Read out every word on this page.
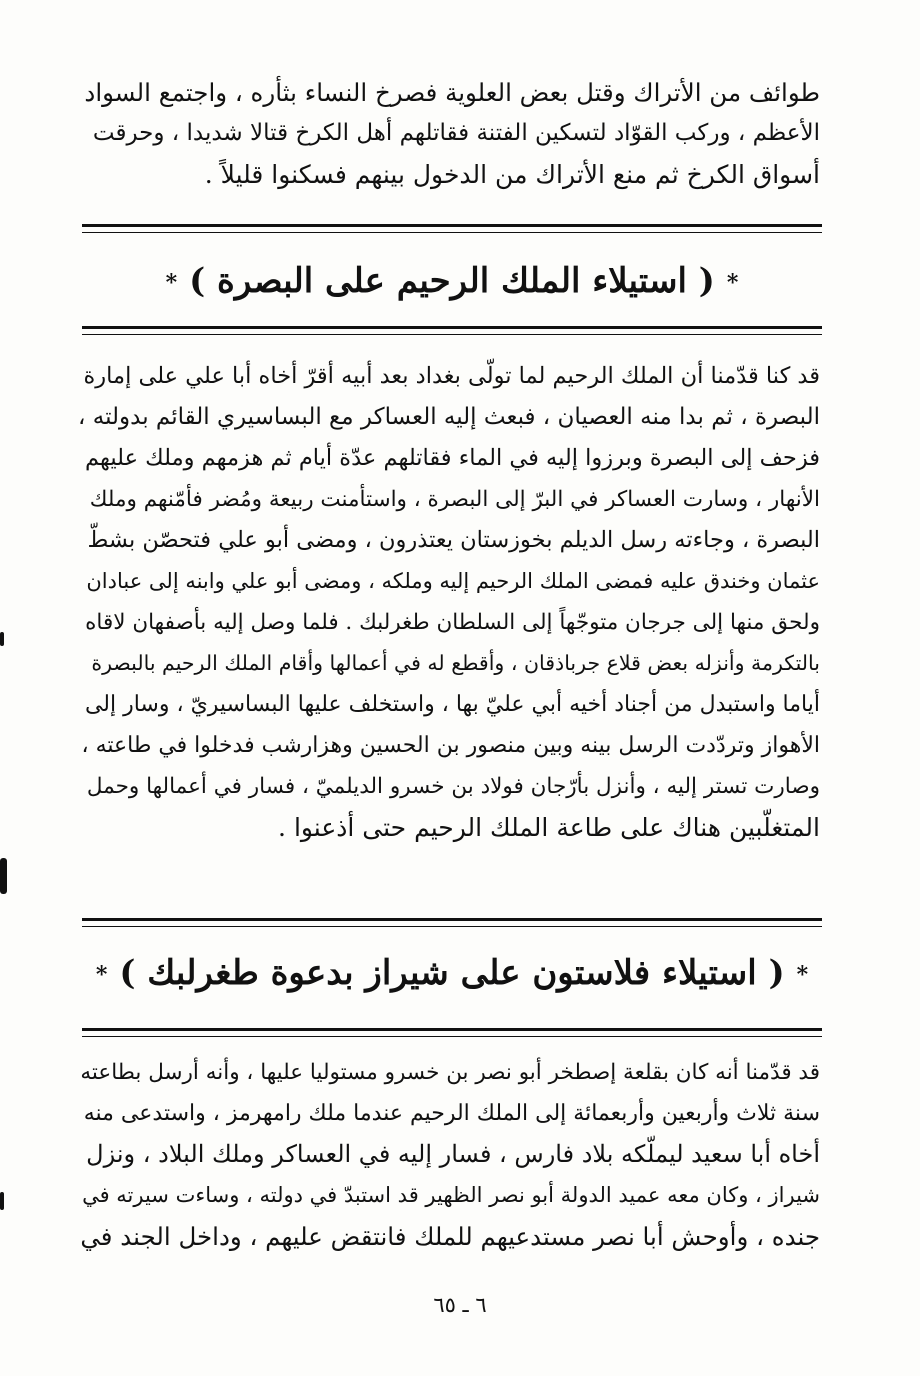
طوائف من الأتراك وقتل بعض العلوية فصرخ النساء بثأره ، واجتمع السواد
الأعظم ، وركب القوّاد لتسكين الفتنة فقاتلهم أهل الكرخ قتالا شديدا ، وحرقت
أسواق الكرخ ثم منع الأتراك من الدخول بينهم فسكنوا قليلاً .
*( استيلاء الملك الرحيم على البصرة )*
قد كنا قدّمنا أن الملك الرحيم لما تولّى بغداد بعد أبيه أقرّ أخاه أبا علي على إمارة
البصرة ، ثم بدا منه العصيان ، فبعث إليه العساكر مع البساسيري القائم بدولته ،
فزحف إلى البصرة وبرزوا إليه في الماء فقاتلهم عدّة أيام ثم هزمهم وملك عليهم
الأنهار ، وسارت العساكر في البرّ إلى البصرة ، واستأمنت ربيعة ومُضر فأمّنهم وملك
البصرة ، وجاءته رسل الديلم بخوزستان يعتذرون ، ومضى أبو علي فتحصّن بشطّ
عثمان وخندق عليه فمضى الملك الرحيم إليه وملكه ، ومضى أبو علي وابنه إلى عبادان
ولحق منها إلى جرجان متوجّهاً إلى السلطان طغرلبك . فلما وصل إليه بأصفهان لاقاه
بالتكرمة وأنزله بعض قلاع جرباذقان ، وأقطع له في أعمالها وأقام الملك الرحيم بالبصرة
أياما واستبدل من أجناد أخيه أبي عليّ بها ، واستخلف عليها البساسيريّ ، وسار إلى
الأهواز وتردّدت الرسل بينه وبين منصور بن الحسين وهزارشب فدخلوا في طاعته ،
وصارت تستر إليه ، وأنزل بأرّجان فولاد بن خسرو الديلميّ ، فسار في أعمالها وحمل
المتغلّبين هناك على طاعة الملك الرحيم حتى أذعنوا .
*( استيلاء فلاستون على شيراز بدعوة طغرلبك )*
قد قدّمنا أنه كان بقلعة إصطخر أبو نصر بن خسرو مستوليا عليها ، وأنه أرسل بطاعته
سنة ثلاث وأربعين وأربعمائة إلى الملك الرحيم عندما ملك رامهرمز ، واستدعى منه
أخاه أبا سعيد ليملّكه بلاد فارس ، فسار إليه في العساكر وملك البلاد ، ونزل
شيراز ، وكان معه عميد الدولة أبو نصر الظهير قد استبدّ في دولته ، وساءت سيرته في
جنده ، وأوحش أبا نصر مستدعيهم للملك فانتقض عليهم ، وداخل الجند في
٦ ـ ٦٥
